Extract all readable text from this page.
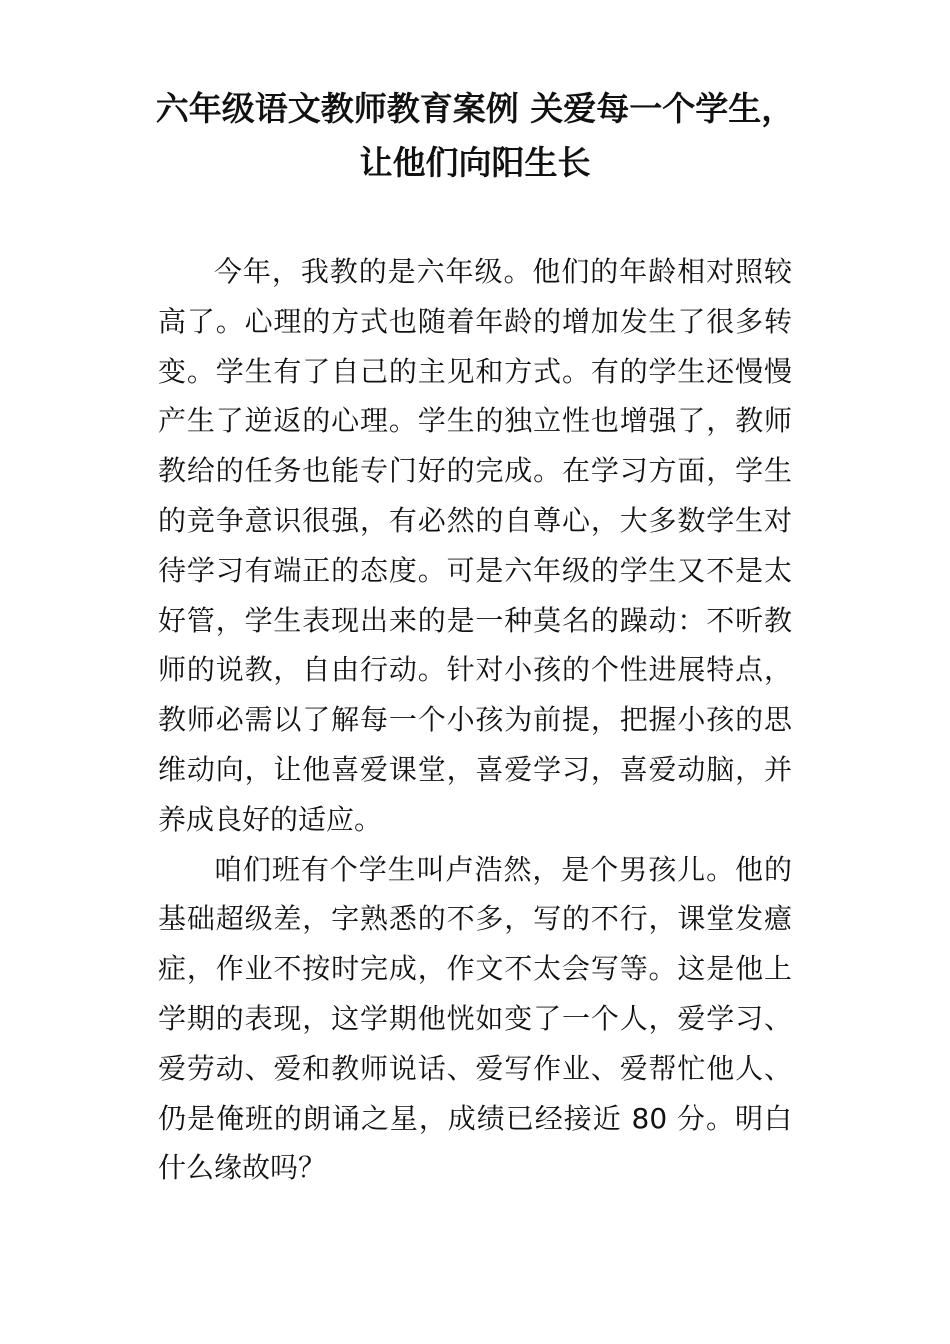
六年级语文教师教育案例 关爱每一个学生，让他们向阳生长

今年，我教的是六年级。他们的年龄相对照较高了。心理的方式也随着年龄的增加发生了很多转变。学生有了自己的主见和方式。有的学生还慢慢产生了逆返的心理。学生的独立性也增强了，教师教给的任务也能专门好的完成。在学习方面，学生的竞争意识很强，有必然的自尊心，大多数学生对待学习有端正的态度。可是六年级的学生又不是太好管，学生表现出来的是一种莫名的躁动：不听教师的说教，自由行动。针对小孩的个性进展特点，教师必需以了解每一个小孩为前提，把握小孩的思维动向，让他喜爱课堂，喜爱学习，喜爱动脑，并养成良好的适应。

咱们班有个学生叫卢浩然，是个男孩儿。他的基础超级差，字熟悉的不多，写的不行，课堂发癔症，作业不按时完成，作文不太会写等。这是他上学期的表现，这学期他恍如变了一个人，爱学习、爱劳动、爱和教师说话、爱写作业、爱帮忙他人、仍是俺班的朗诵之星，成绩已经接近 80 分。明白什么缘故吗？
